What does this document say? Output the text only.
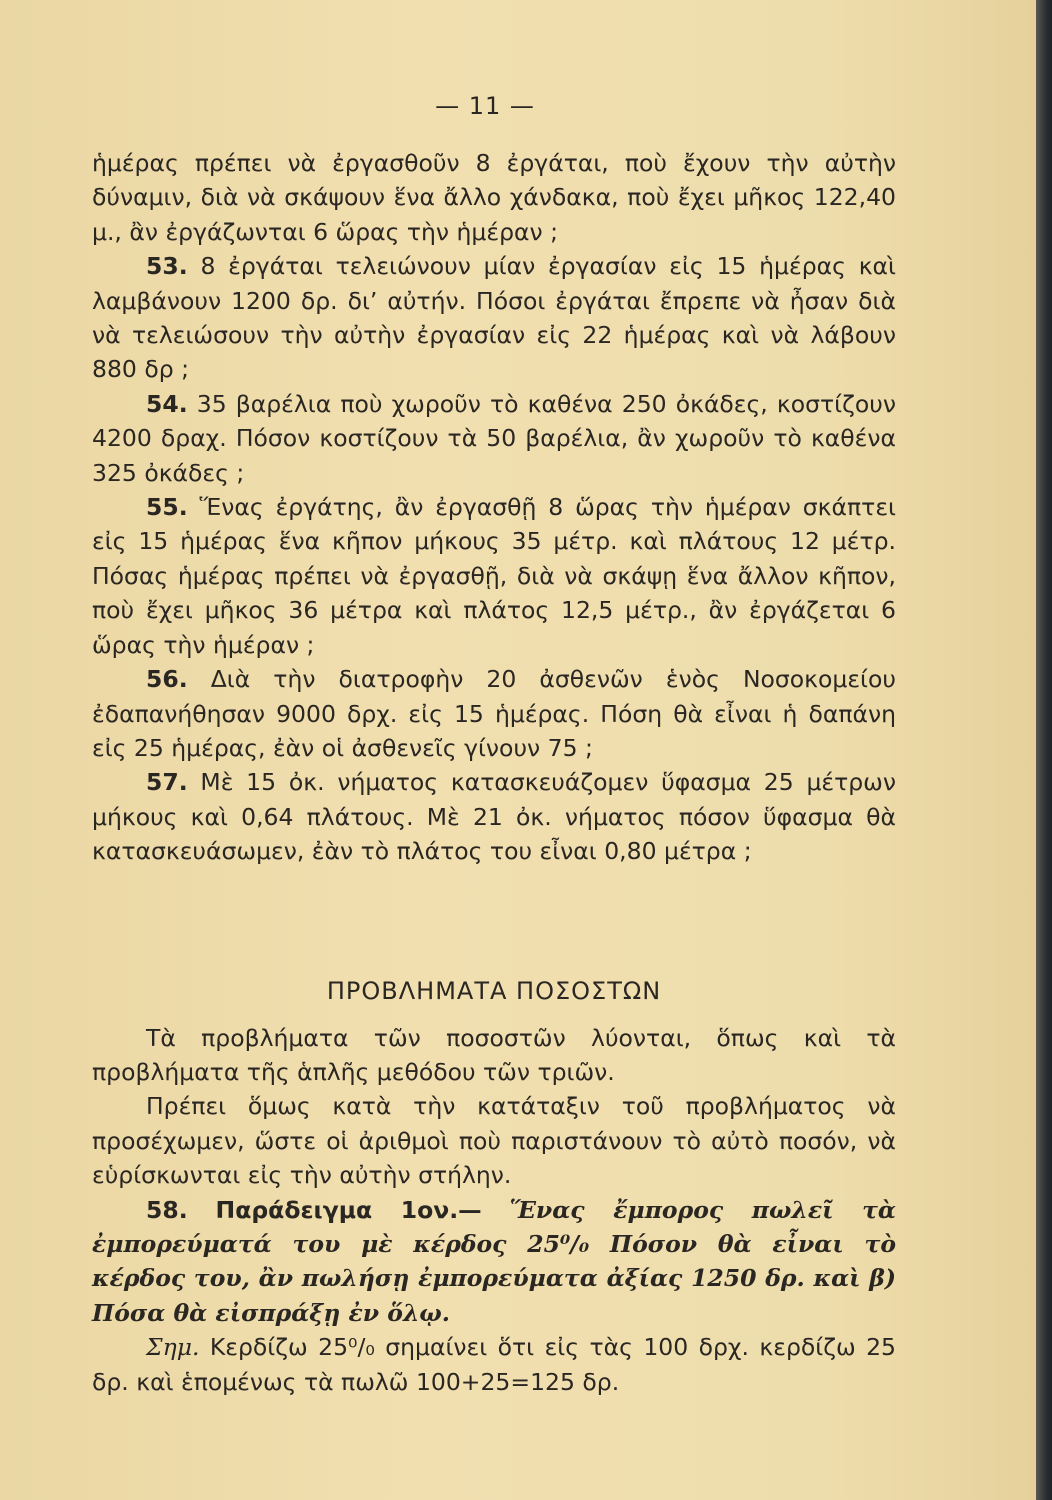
— 11 —
ἡμέρας πρέπει νὰ ἐργασθοῦν 8 ἐργάται, ποὺ ἔχουν τὴν αὐτὴν δύναμιν, διὰ νὰ σκάψουν ἕνα ἄλλο χάνδακα, ποὺ ἔχει μῆκος 122,40 μ., ἂν ἐργάζωνται 6 ὥρας τὴν ἡμέραν ;
53. 8 ἐργάται τελειώνουν μίαν ἐργασίαν εἰς 15 ἡμέρας καὶ λαμβάνουν 1200 δρ. δι’ αὐτήν. Πόσοι ἐργάται ἔπρεπε νὰ ἦσαν διὰ νὰ τελειώσουν τὴν αὐτὴν ἐργασίαν εἰς 22 ἡμέρας καὶ νὰ λάβουν 880 δρ ;
54. 35 βαρέλια ποὺ χωροῦν τὸ καθένα 250 ὀκάδες, κοστίζουν 4200 δραχ. Πόσον κοστίζουν τὰ 50 βαρέλια, ἂν χωροῦν τὸ καθένα 325 ὀκάδες ;
55. Ἕνας ἐργάτης, ἂν ἐργασθῇ 8 ὥρας τὴν ἡμέραν σκάπτει εἰς 15 ἡμέρας ἕνα κῆπον μήκους 35 μέτρ. καὶ πλάτους 12 μέτρ. Πόσας ἡμέρας πρέπει νὰ ἐργασθῇ, διὰ νὰ σκάψῃ ἕνα ἄλλον κῆπον, ποὺ ἔχει μῆκος 36 μέτρα καὶ πλάτος 12,5 μέτρ., ἂν ἐργάζεται 6 ὥρας τὴν ἡμέραν ;
56. Διὰ τὴν διατροφὴν 20 ἀσθενῶν ἑνὸς Νοσοκομείου ἐδαπανήθησαν 9000 δρχ. εἰς 15 ἡμέρας. Πόση θὰ εἶναι ἡ δαπάνη εἰς 25 ἡμέρας, ἐὰν οἱ ἀσθενεῖς γίνουν 75 ;
57. Μὲ 15 ὀκ. νήματος κατασκευάζομεν ὕφασμα 25 μέτρων μήκους καὶ 0,64 πλάτους. Μὲ 21 ὀκ. νήματος πόσον ὕφασμα θὰ κατασκευάσωμεν, ἐὰν τὸ πλάτος του εἶναι 0,80 μέτρα ;
ΠΡΟΒΛΗΜΑΤΑ ΠΟΣΟΣΤΩΝ
Τὰ προβλήματα τῶν ποσοστῶν λύονται, ὅπως καὶ τὰ προβλήματα τῆς ἁπλῆς μεθόδου τῶν τριῶν.
Πρέπει ὅμως κατὰ τὴν κατάταξιν τοῦ προβλήματος νὰ προσέχωμεν, ὥστε οἱ ἀριθμοὶ ποὺ παριστάνουν τὸ αὐτὸ ποσόν, νὰ εὑρίσκωνται εἰς τὴν αὐτὴν στήλην.
58. Παράδειγμα 1ον.— Ἕνας ἔμπορος πωλεῖ τὰ ἐμπορεύματά του μὲ κέρδος 25⁰/₀ Πόσον θὰ εἶναι τὸ κέρδος του, ἂν πωλήσῃ ἐμπορεύματα ἀξίας 1250 δρ. καὶ β) Πόσα θὰ εἰσπράξῃ ἐν ὅλῳ.
Σημ. Κερδίζω 25⁰/₀ σημαίνει ὅτι εἰς τὰς 100 δρχ. κερδίζω 25 δρ. καὶ ἑπομένως τὰ πωλῶ 100+25=125 δρ.
